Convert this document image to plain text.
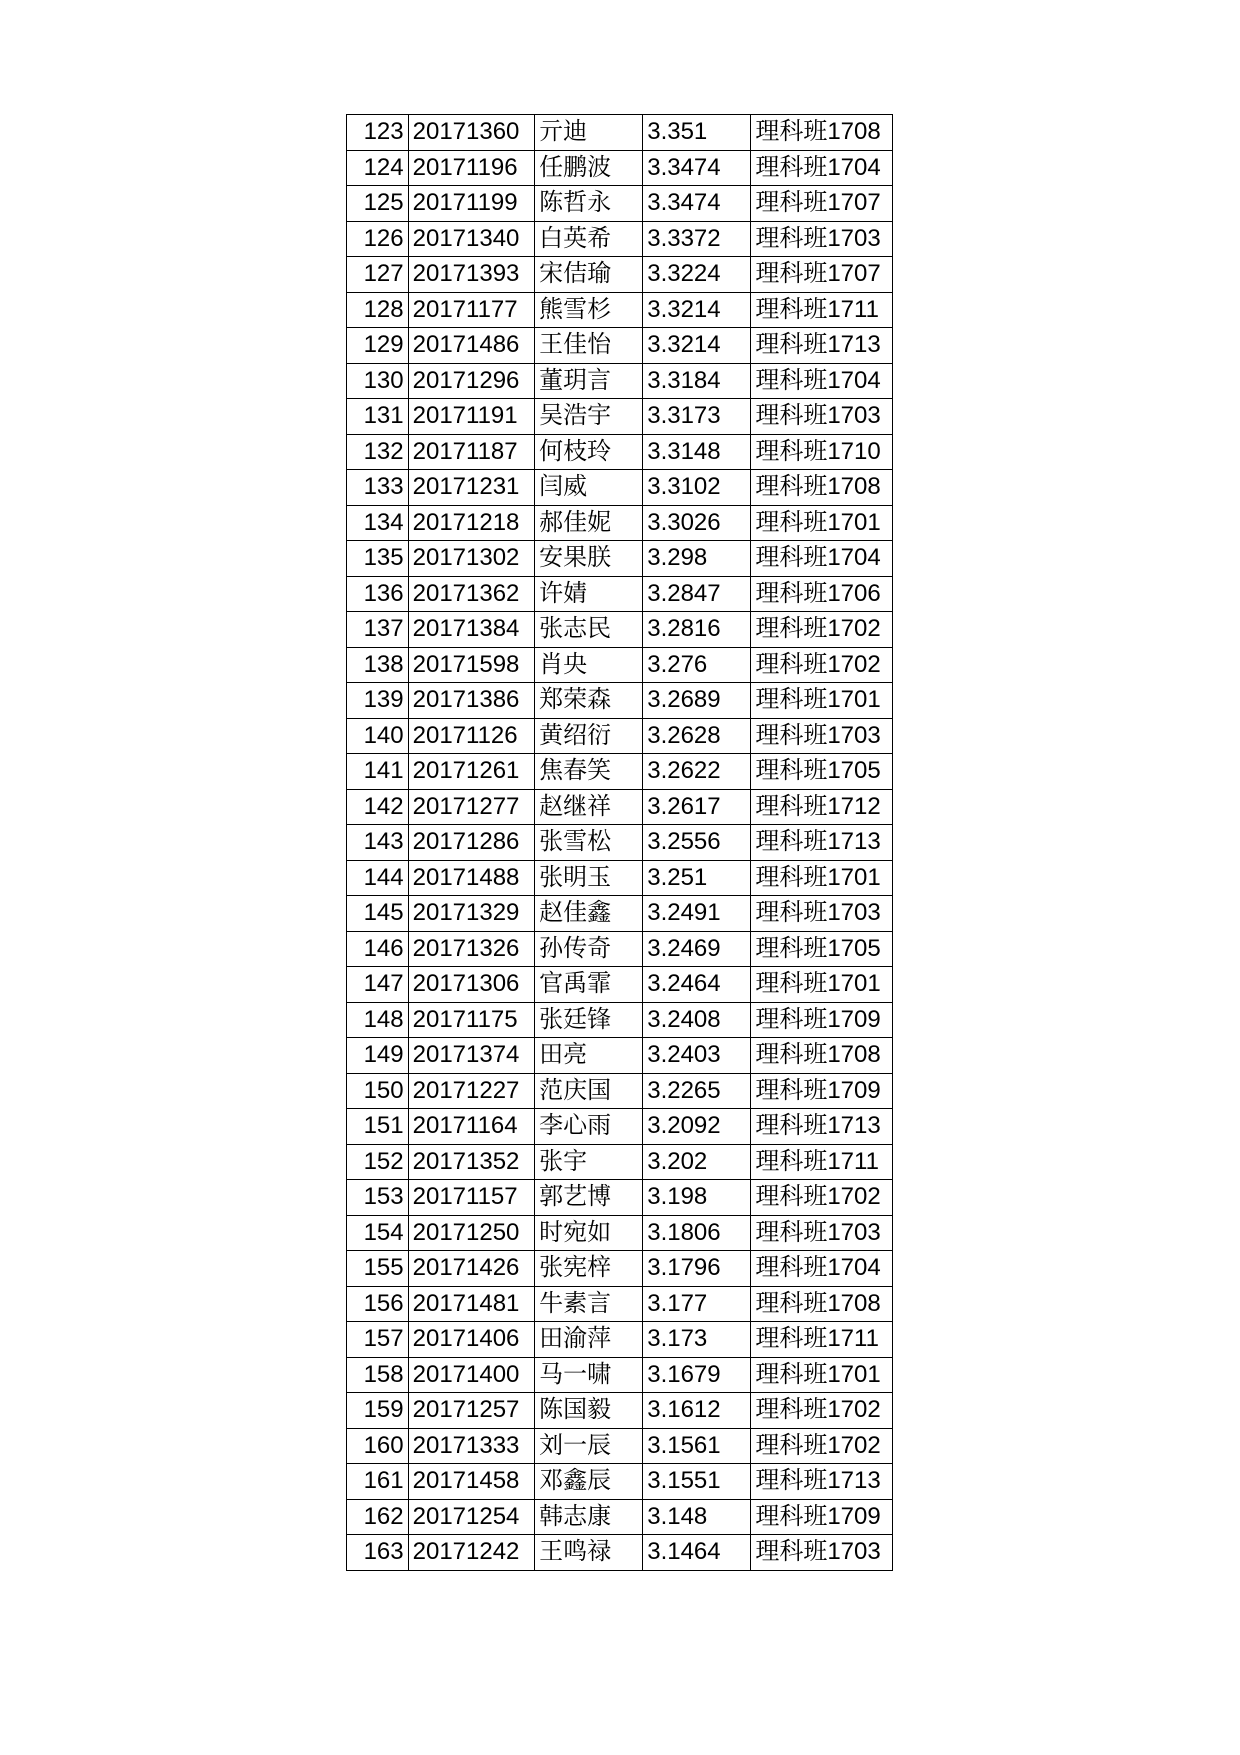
123	20171360	亓迪	3.351	理科班1708
124	20171196	任鹏波	3.3474	理科班1704
125	20171199	陈哲永	3.3474	理科班1707
126	20171340	白英希	3.3372	理科班1703
127	20171393	宋佶瑜	3.3224	理科班1707
128	20171177	熊雪杉	3.3214	理科班1711
129	20171486	王佳怡	3.3214	理科班1713
130	20171296	董玥言	3.3184	理科班1704
131	20171191	吴浩宇	3.3173	理科班1703
132	20171187	何枝玲	3.3148	理科班1710
133	20171231	闫威	3.3102	理科班1708
134	20171218	郝佳妮	3.3026	理科班1701
135	20171302	安果朕	3.298	理科班1704
136	20171362	许婧	3.2847	理科班1706
137	20171384	张志民	3.2816	理科班1702
138	20171598	肖央	3.276	理科班1702
139	20171386	郑荣森	3.2689	理科班1701
140	20171126	黄绍衍	3.2628	理科班1703
141	20171261	焦春笑	3.2622	理科班1705
142	20171277	赵继祥	3.2617	理科班1712
143	20171286	张雪松	3.2556	理科班1713
144	20171488	张明玉	3.251	理科班1701
145	20171329	赵佳鑫	3.2491	理科班1703
146	20171326	孙传奇	3.2469	理科班1705
147	20171306	官禹霏	3.2464	理科班1701
148	20171175	张廷锋	3.2408	理科班1709
149	20171374	田亮	3.2403	理科班1708
150	20171227	范庆国	3.2265	理科班1709
151	20171164	李心雨	3.2092	理科班1713
152	20171352	张宇	3.202	理科班1711
153	20171157	郭艺博	3.198	理科班1702
154	20171250	时宛如	3.1806	理科班1703
155	20171426	张宪梓	3.1796	理科班1704
156	20171481	牛素言	3.177	理科班1708
157	20171406	田渝萍	3.173	理科班1711
158	20171400	马一啸	3.1679	理科班1701
159	20171257	陈国毅	3.1612	理科班1702
160	20171333	刘一辰	3.1561	理科班1702
161	20171458	邓鑫辰	3.1551	理科班1713
162	20171254	韩志康	3.148	理科班1709
163	20171242	王鸣禄	3.1464	理科班1703
